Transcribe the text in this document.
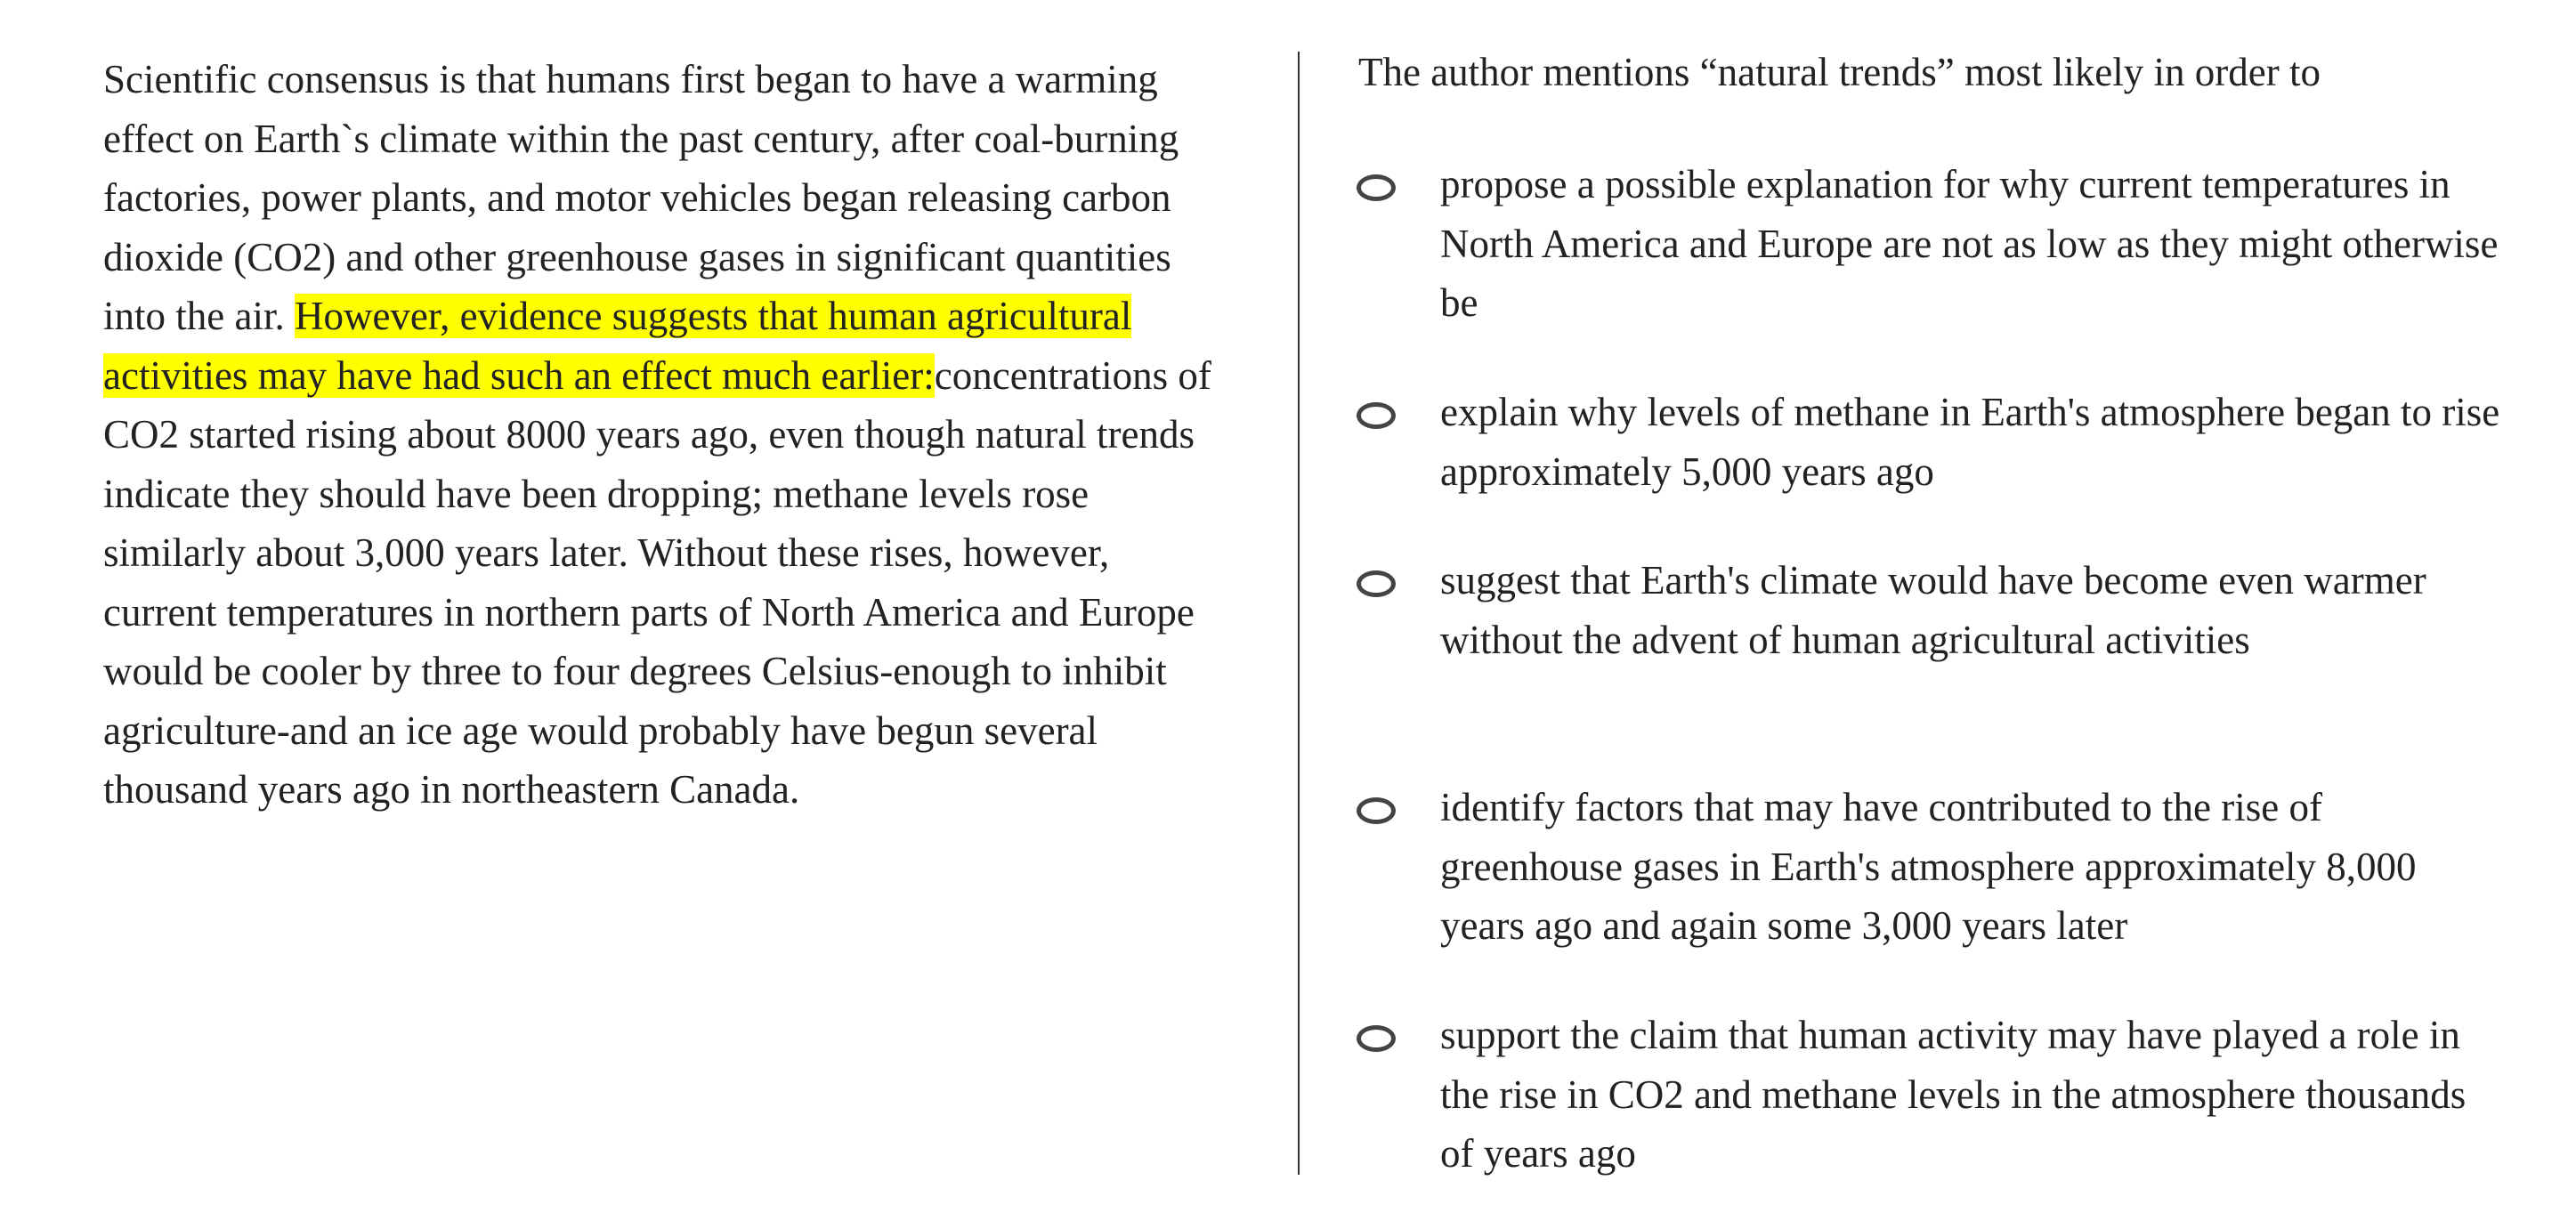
Scientific consensus is that humans first began to have a warming effect on Earth`s climate within the past century, after coal-burning factories, power plants, and motor vehicles began releasing carbon dioxide (CO2) and other greenhouse gases in significant quantities into the air. However, evidence suggests that human agricultural activities may have had such an effect much earlier:concentrations of CO2 started rising about 8000 years ago, even though natural trends indicate they should have been dropping; methane levels rose similarly about 3,000 years later. Without these rises, however, current temperatures in northern parts of North America and Europe would be cooler by three to four degrees Celsius-enough to inhibit agriculture-and an ice age would probably have begun several thousand years ago in northeastern Canada.
The author mentions “natural trends” most likely in order to
propose a possible explanation for why current temperatures in North America and Europe are not as low as they might otherwise be
explain why levels of methane in Earth's atmosphere began to rise approximately 5,000 years ago
suggest that Earth's climate would have become even warmer without the advent of human agricultural activities
identify factors that may have contributed to the rise of greenhouse gases in Earth's atmosphere approximately 8,000 years ago and again some 3,000 years later
support the claim that human activity may have played a role in the rise in CO2 and methane levels in the atmosphere thousands of years ago
